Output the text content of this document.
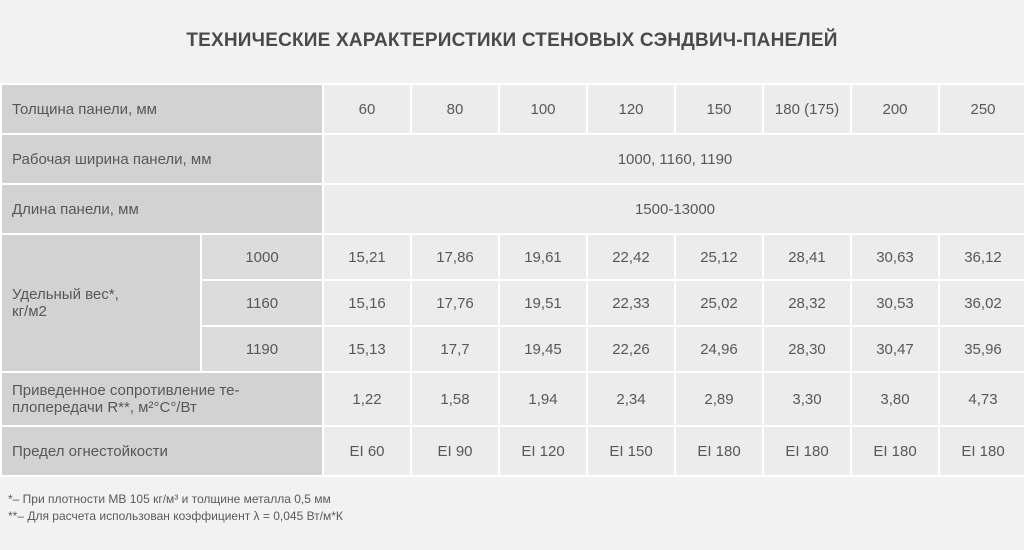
ТЕХНИЧЕСКИЕ ХАРАКТЕРИСТИКИ СТЕНОВЫХ СЭНДВИЧ-ПАНЕЛЕЙ
Толщина панели, мм		60	80	100	120	150	180 (175)	200	250
Рабочая ширина панели, мм		1000, 1160, 1190							
Длина панели, мм		1500-13000							
Удельный вес*,
кг/м2	1000	15,21	17,86	19,61	22,42	25,12	28,41	30,63	36,12
	1160	15,16	17,76	19,51	22,33	25,02	28,32	30,53	36,02
	1190	15,13	17,7	19,45	22,26	24,96	28,30	30,47	35,96
Приведенное сопротивление те-
плопередачи R**, м²°C°/Вт		1,22	1,58	1,94	2,34	2,89	3,30	3,80	4,73
Предел огнестойкости		EI 60	EI 90	EI 120	EI 150	EI 180	EI 180	EI 180	EI 180
*– При плотности МВ 105 кг/м³ и толщине металла 0,5 мм
**– Для расчета использован коэффициент λ = 0,045 Вт/м*К
